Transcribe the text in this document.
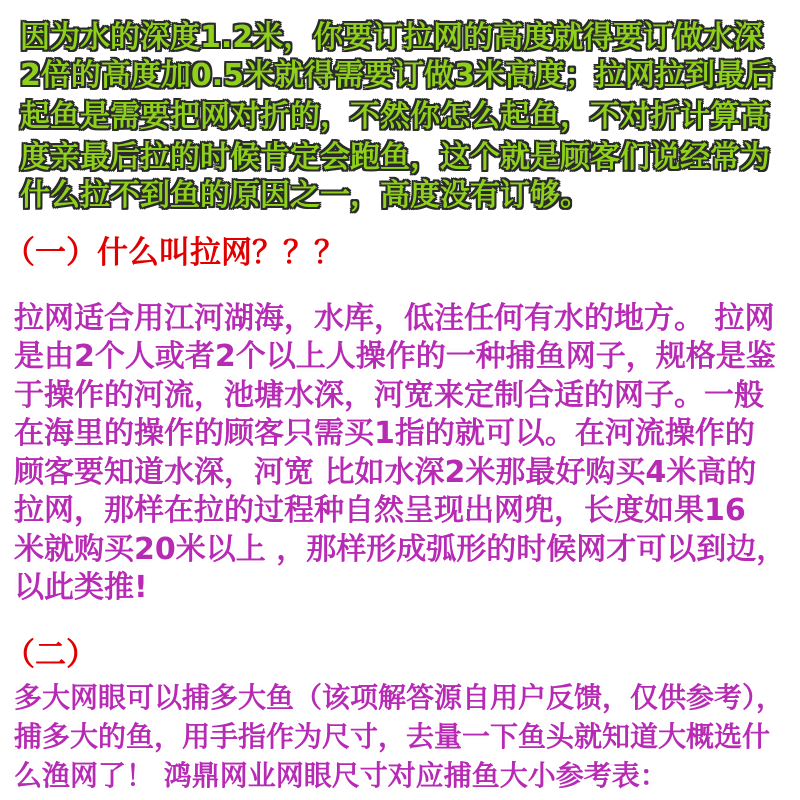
因为水的深度1.2米，你要订拉网的高度就得要订做水深
2倍的高度加0.5米就得需要订做3米高度；拉网拉到最后
起鱼是需要把网对折的，不然你怎么起鱼，不对折计算高
度亲最后拉的时候肯定会跑鱼，这个就是顾客们说经常为
什么拉不到鱼的原因之一，高度没有订够。
（一）什么叫拉网？？？
拉网适合用江河湖海，水库，低洼任何有水的地方。 拉网
是由2个人或者2个以上人操作的一种捕鱼网子，规格是鉴
于操作的河流，池塘水深，河宽来定制合适的网子。一般
在海里的操作的顾客只需买1指的就可以。在河流操作的
顾客要知道水深，河宽 比如水深2米那最好购买4米高的
拉网，那样在拉的过程种自然呈现出网兜，长度如果16
米就购买20米以上 ，那样形成弧形的时候网才可以到边，
以此类推!
（二）
多大网眼可以捕多大鱼（该项解答源自用户反馈，仅供参考），
捕多大的鱼，用手指作为尺寸，去量一下鱼头就知道大概选什
么渔网了！ 鸿鼎网业网眼尺寸对应捕鱼大小参考表：
